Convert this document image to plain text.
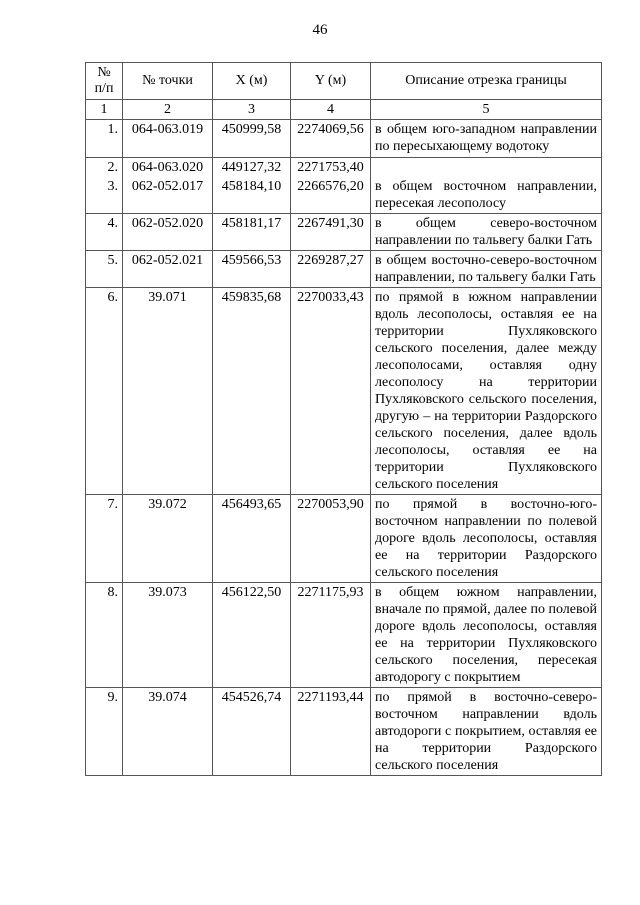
46
№ п/п	№ точки	X (м)	Y (м)	Описание отрезка границы
1	2	3	4	5
1.	064-063.019	450999,58	2274069,56	в общем юго-западном направлении по пересыхающему водотоку
2.	064-063.020	449127,32	2271753,40	
3.	062-052.017	458184,10	2266576,20	в общем восточном направлении, пересекая лесополосу
4.	062-052.020	458181,17	2267491,30	в общем северо-восточном направлении по тальвегу балки Гать
5.	062-052.021	459566,53	2269287,27	в общем восточно-северо-восточном направлении, по тальвегу балки Гать
6.	39.071	459835,68	2270033,43	по прямой в южном направлении вдоль лесополосы, оставляя ее на территории Пухляковского сельского поселения, далее между лесополосами, оставляя одну лесополосу на территории Пухляковского сельского поселения, другую – на территории Раздорского сельского поселения, далее вдоль лесополосы, оставляя ее на территории Пухляковского сельского поселения
7.	39.072	456493,65	2270053,90	по прямой в восточно-юго-восточном направлении по полевой дороге вдоль лесополосы, оставляя ее на территории Раздорского сельского поселения
8.	39.073	456122,50	2271175,93	в общем южном направлении, вначале по прямой, далее по полевой дороге вдоль лесополосы, оставляя ее на территории Пухляковского сельского поселения, пересекая автодорогу с покрытием
9.	39.074	454526,74	2271193,44	по прямой в восточно-северо-восточном направлении вдоль автодороги с покрытием, оставляя ее на территории Раздорского сельского поселения
